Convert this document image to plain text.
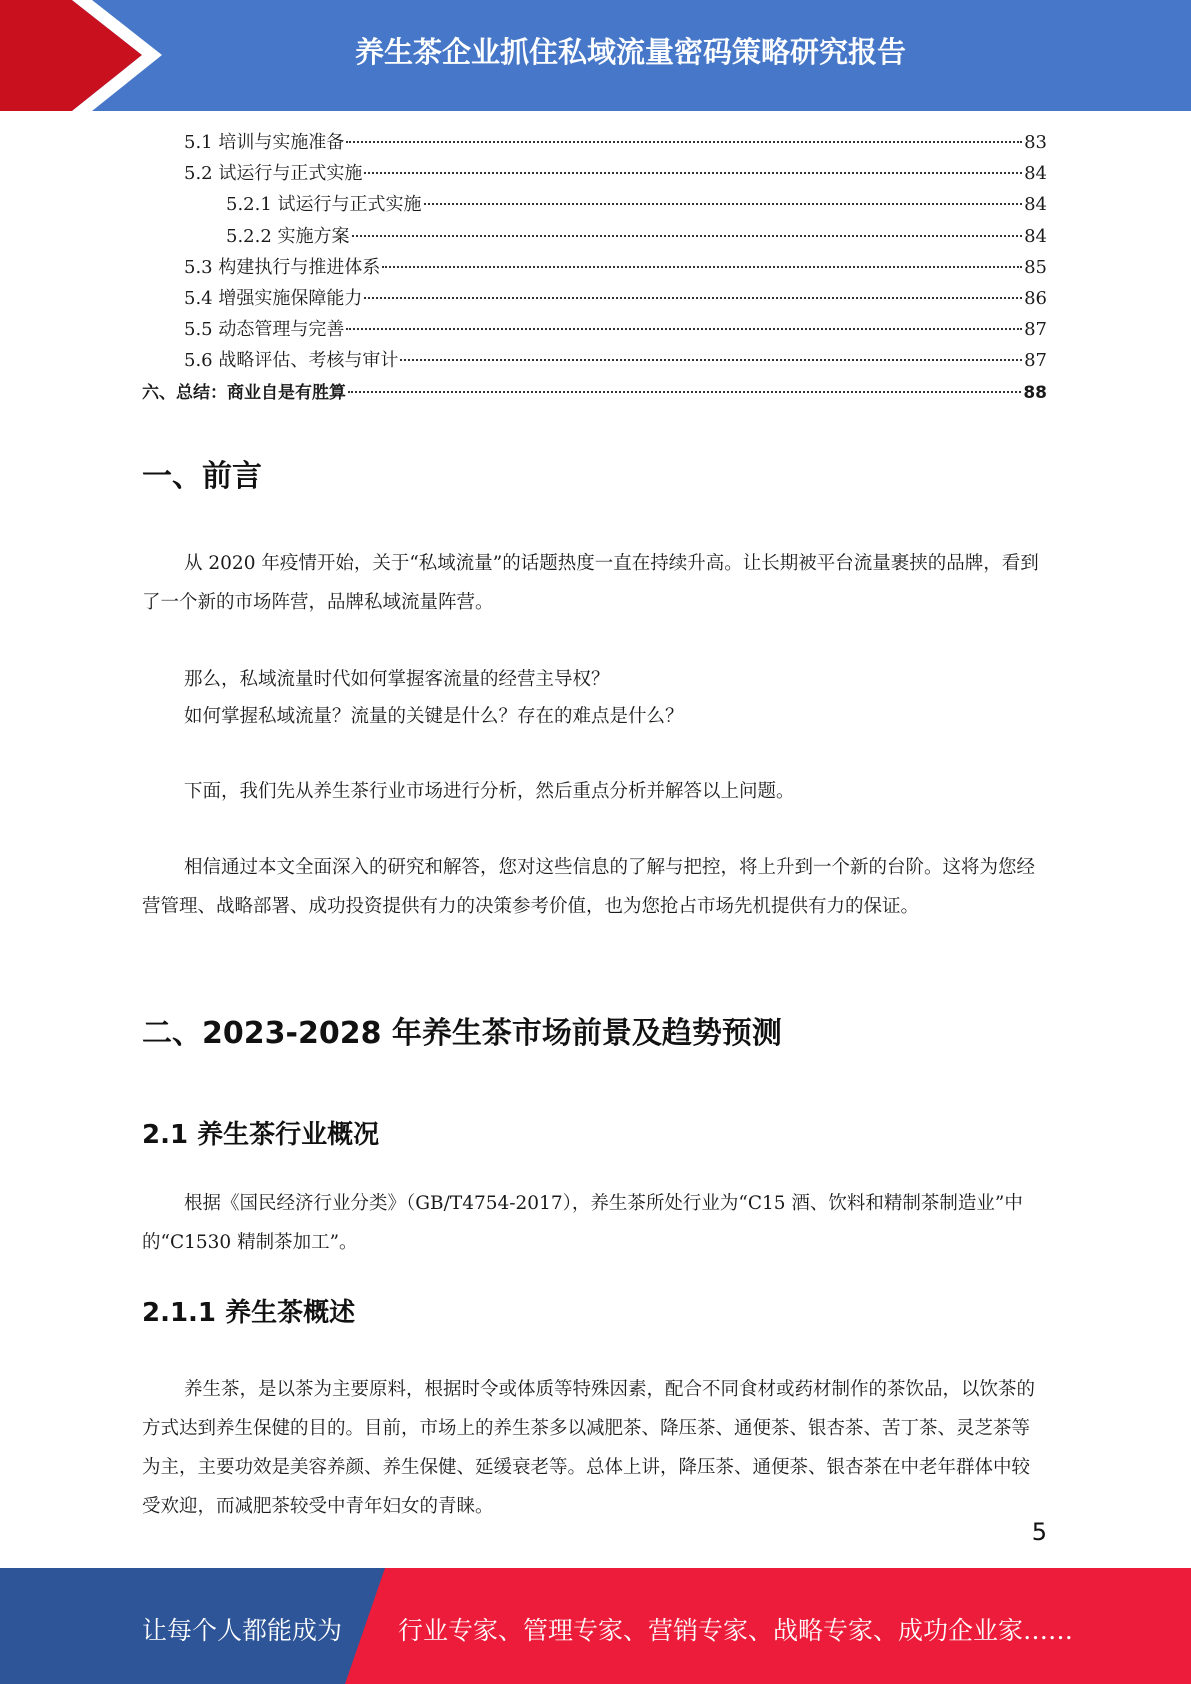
养生茶企业抓住私域流量密码策略研究报告
5.1 培训与实施准备	83
5.2 试运行与正式实施	84
5.2.1 试运行与正式实施	84
5.2.2 实施方案	84
5.3 构建执行与推进体系	85
5.4 增强实施保障能力	86
5.5 动态管理与完善	87
5.6 战略评估、考核与审计	87
六、总结：商业自是有胜算	88
一、前言

从 2020 年疫情开始，关于“私域流量”的话题热度一直在持续升高。让长期被平台流量裹挟的品牌，看到了一个新的市场阵营，品牌私域流量阵营。

那么，私域流量时代如何掌握客流量的经营主导权？

如何掌握私域流量？流量的关键是什么？存在的难点是什么？

下面，我们先从养生茶行业市场进行分析，然后重点分析并解答以上问题。

相信通过本文全面深入的研究和解答，您对这些信息的了解与把控，将上升到一个新的台阶。这将为您经营管理、战略部署、成功投资提供有力的决策参考价值，也为您抢占市场先机提供有力的保证。

二、2023-2028 年养生茶市场前景及趋势预测
2.1 养生茶行业概况

根据《国民经济行业分类》（GB/T4754-2017），养生茶所处行业为“C15 酒、饮料和精制茶制造业”中的“C1530 精制茶加工”。

2.1.1 养生茶概述

养生茶，是以茶为主要原料，根据时令或体质等特殊因素，配合不同食材或药材制作的茶饮品，以饮茶的方式达到养生保健的目的。目前，市场上的养生茶多以减肥茶、降压茶、通便茶、银杏茶、苦丁茶、灵芝茶等为主，主要功效是美容养颜、养生保健、延缓衰老等。总体上讲，降压茶、通便茶、银杏茶在中老年群体中较受欢迎，而减肥茶较受中青年妇女的青睐。

5
让每个人都能成为 行业专家、管理专家、营销专家、战略专家、成功企业家……
